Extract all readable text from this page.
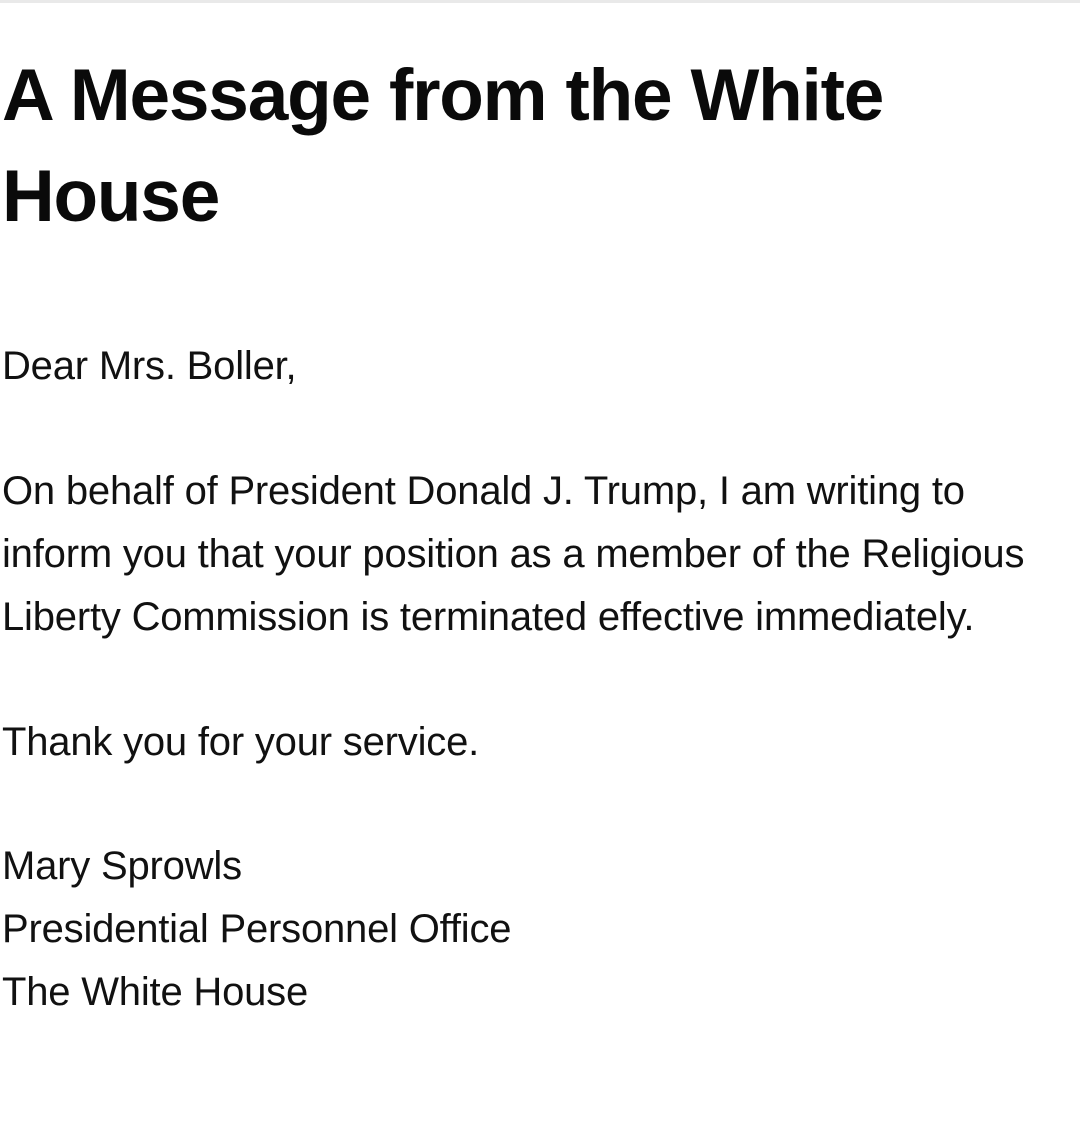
A Message from the White House

Dear Mrs. Boller,

On behalf of President Donald J. Trump, I am writing to inform you that your position as a member of the Religious Liberty Commission is terminated effective immediately.

Thank you for your service.

Mary Sprowls

Presidential Personnel Office

The White House
